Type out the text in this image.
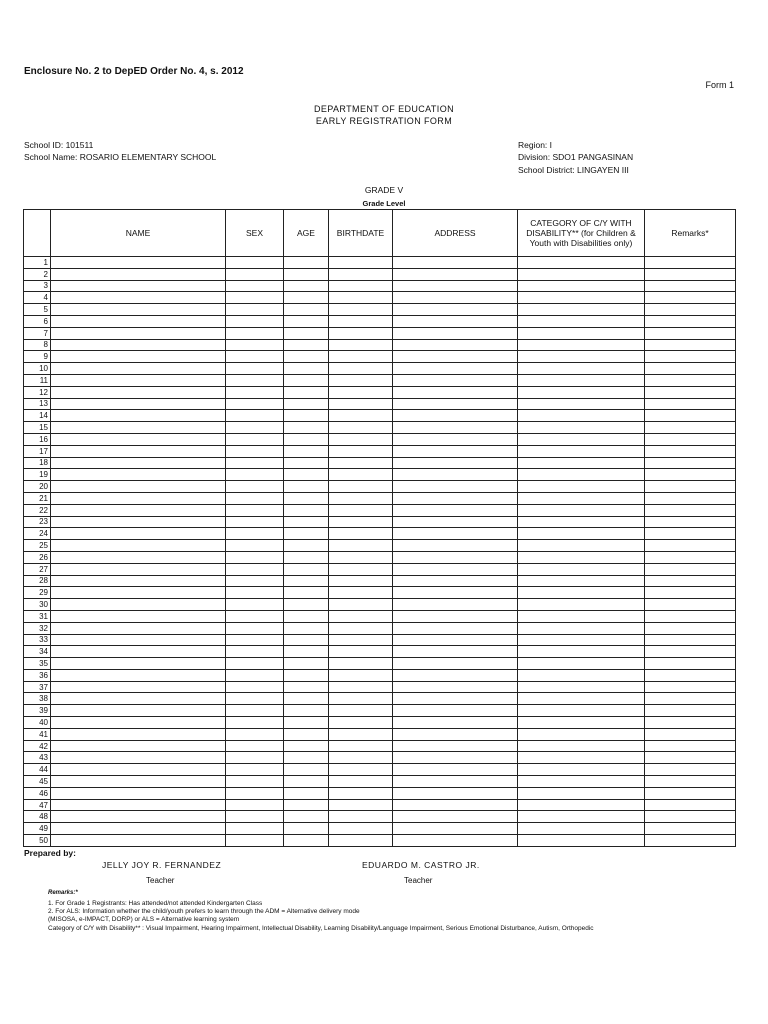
Enclosure No. 2 to DepED Order No. 4, s. 2012
Form 1
DEPARTMENT OF EDUCATION
EARLY REGISTRATION FORM
School ID: 101511
School Name: ROSARIO ELEMENTARY SCHOOL
Region: I
Division: SDO1 PANGASINAN
School District: LINGAYEN III
GRADE V
Grade Level
	NAME	SEX	AGE	BIRTHDATE	ADDRESS	CATEGORY OF C/Y WITH DISABILITY** (for Children & Youth with Disabilities only)	Remarks*
1							
2							
3							
4							
5							
6							
7							
8							
9							
10							
11							
12							
13							
14							
15							
16							
17							
18							
19							
20							
21							
22							
23							
24							
25							
26							
27							
28							
29							
30							
31							
32							
33							
34							
35							
36							
37							
38							
39							
40							
41							
42							
43							
44							
45							
46							
47							
48							
49							
50							
Prepared by:
JELLY JOY R. FERNANDEZ
Teacher
EDUARDO M. CASTRO JR.
Teacher
Remarks:*
1. For Grade 1 Registrants: Has attended/not attended Kindergarten Class
2. For ALS: Information whether the child/youth prefers to learn through the ADM = Alternative delivery mode
(MISOSA, e-IMPACT, DORP) or ALS = Alternative learning system
Category of C/Y with Disability** : Visual Impairment, Hearing Impairment, Intellectual Disability, Learning Disability/Language Impairment, Serious Emotional Disturbance, Autism, Orthopedic
